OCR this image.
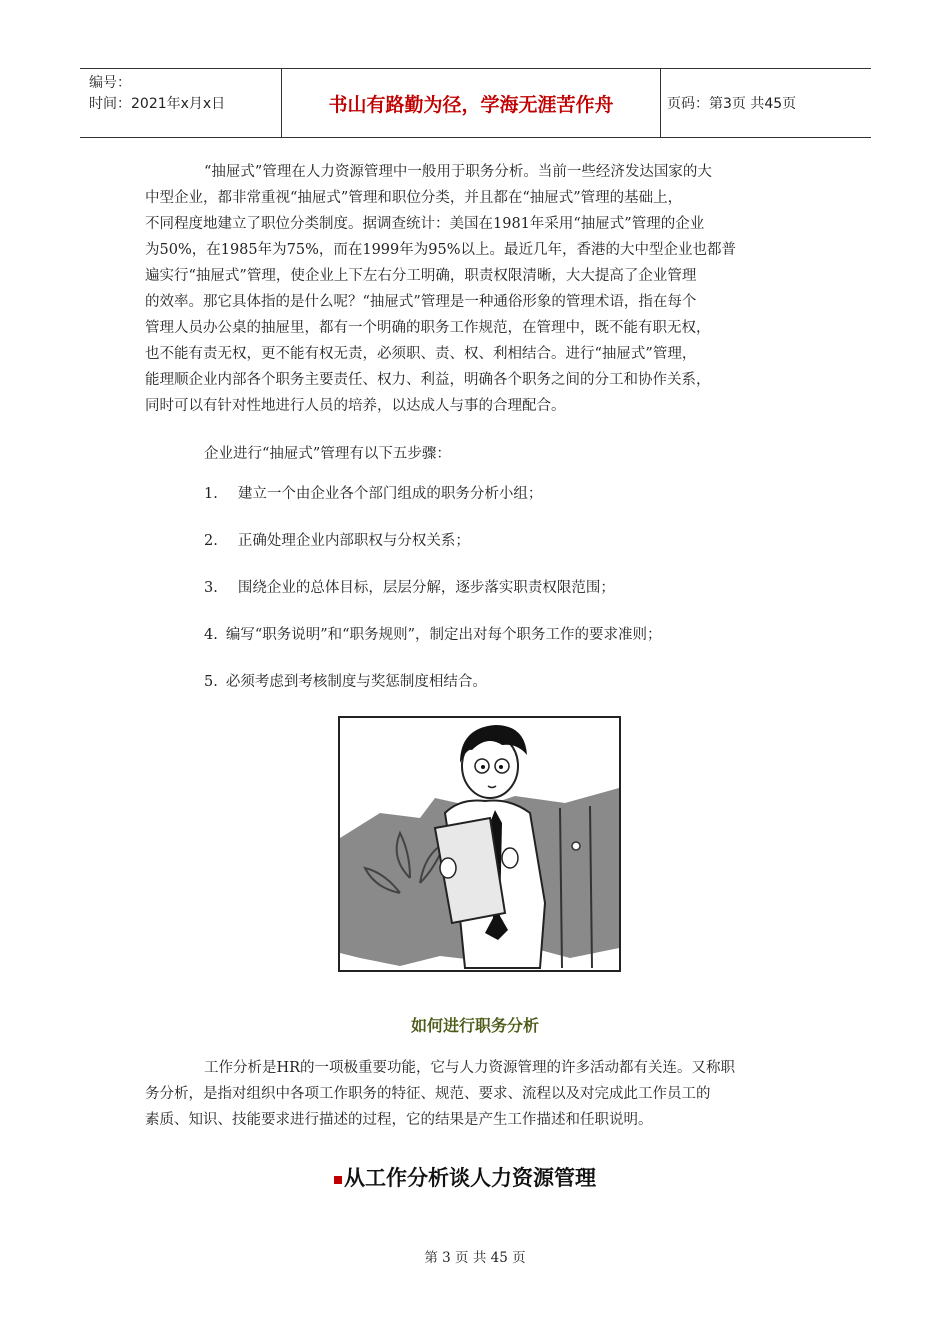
编号：
时间：2021年x月x日	书山有路勤为径，学海无涯苦作舟	页码：第3页 共45页
“抽屉式”管理在人力资源管理中一般用于职务分析。当前一些经济发达国家的大
中型企业，都非常重视“抽屉式”管理和职位分类，并且都在“抽屉式”管理的基础上，
不同程度地建立了职位分类制度。据调查统计：美国在1981年采用“抽屉式”管理的企业
为50%，在1985年为75%，而在1999年为95%以上。最近几年，香港的大中型企业也都普
遍实行“抽屉式”管理，使企业上下左右分工明确，职责权限清晰，大大提高了企业管理
的效率。那它具体指的是什么呢？“抽屉式”管理是一种通俗形象的管理术语，指在每个
管理人员办公桌的抽屉里，都有一个明确的职务工作规范，在管理中，既不能有职无权，
也不能有责无权，更不能有权无责，必须职、责、权、利相结合。进行“抽屉式”管理，
能理顺企业内部各个职务主要责任、权力、利益，明确各个职务之间的分工和协作关系，
同时可以有针对性地进行人员的培养，以达成人与事的合理配合。
企业进行“抽屉式”管理有以下五步骤：
1. 建立一个由企业各个部门组成的职务分析小组；
2. 正确处理企业内部职权与分权关系；
3. 围绕企业的总体目标，层层分解，逐步落实职责权限范围；
4. 编写“职务说明”和“职务规则”，制定出对每个职务工作的要求准则；
5. 必须考虑到考核制度与奖惩制度相结合。
如何进行职务分析
工作分析是HR的一项极重要功能，它与人力资源管理的许多活动都有关连。又称职
务分析，是指对组织中各项工作职务的特征、规范、要求、流程以及对完成此工作员工的
素质、知识、技能要求进行描述的过程，它的结果是产生工作描述和任职说明。
从工作分析谈人力资源管理
第 3 页 共 45 页
